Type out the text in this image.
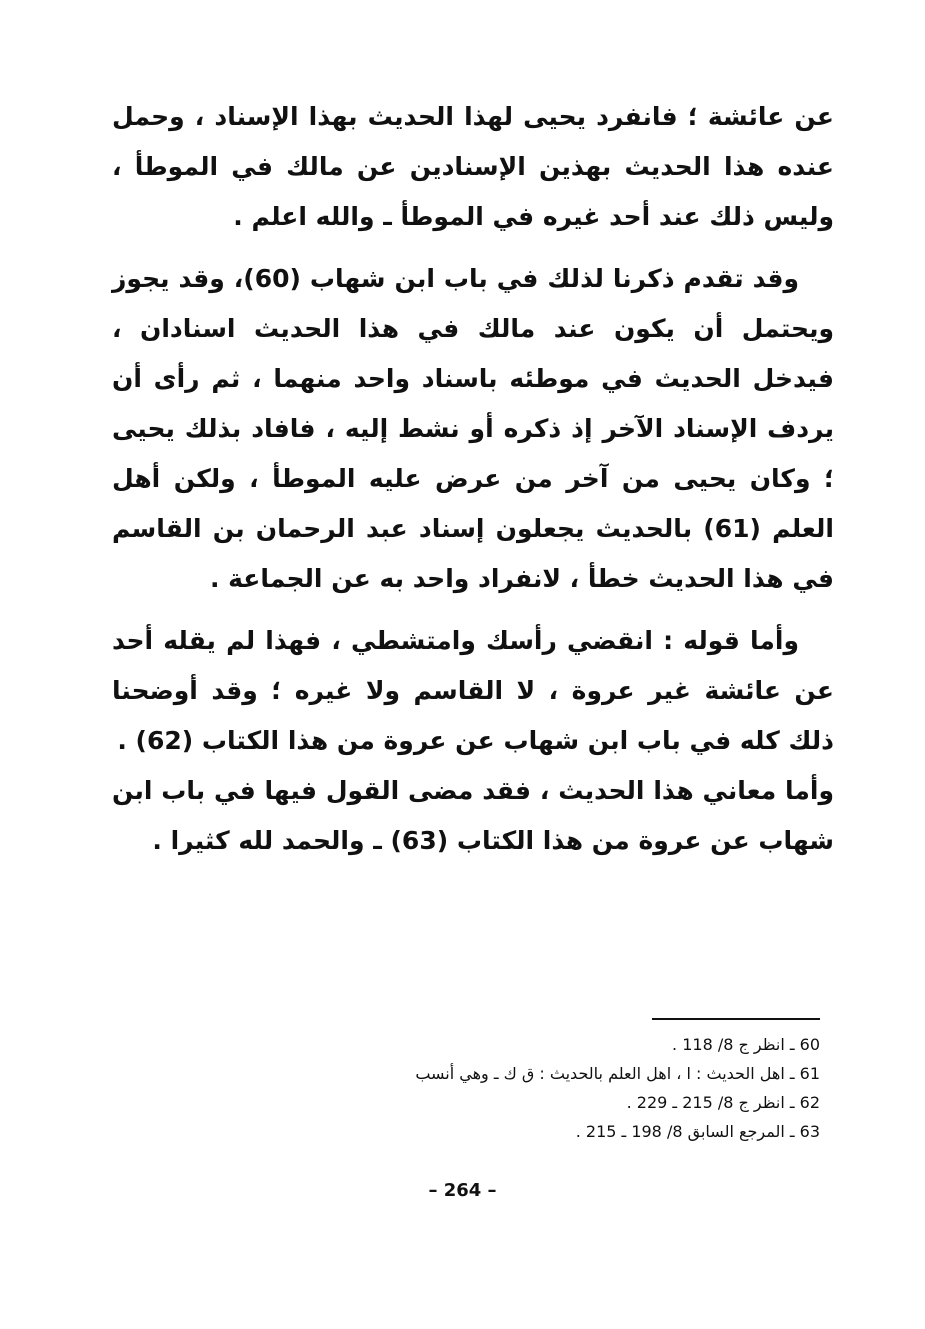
عن عائشة ؛ فانفرد يحيى لهذا الحديث بهذا الإسناد ، وحمل عنده هذا الحديث بهذين الإسنادين عن مالك في الموطأ ، وليس ذلك عند أحد غيره في الموطأ ـ والله اعلم .

وقد تقدم ذكرنا لذلك في باب ابن شهاب (60)، وقد يجوز ويحتمل أن يكون عند مالك في هذا الحديث اسنادان ، فيدخل الحديث في موطئه باسناد واحد منهما ، ثم رأى أن يردف الإسناد الآخر إذ ذكره أو نشط إليه ، فافاد بذلك يحيى ؛ وكان يحيى من آخر من عرض عليه الموطأ ، ولكن أهل العلم (61) بالحديث يجعلون إسناد عبد الرحمان بن القاسم في هذا الحديث خطأ ، لانفراد واحد به عن الجماعة .

وأما قوله : انقضي رأسك وامتشطي ، فهذا لم يقله أحد عن عائشة غير عروة ، لا القاسم ولا غيره ؛ وقد أوضحنا ذلك كله في باب ابن شهاب عن عروة من هذا الكتاب (62) .

وأما معاني هذا الحديث ، فقد مضى القول فيها في باب ابن شهاب عن عروة من هذا الكتاب (63) ـ والحمد لله كثيرا .

60 ـ انظر ج 8/ 118 .
61 ـ اهل الحديث : ا ، اهل العلم بالحديث : ق ك ـ وهي أنسب
62 ـ انظر ج 8/ 215 ـ 229 .
63 ـ المرجع السابق 8/ 198 ـ 215 .
– 264 –
